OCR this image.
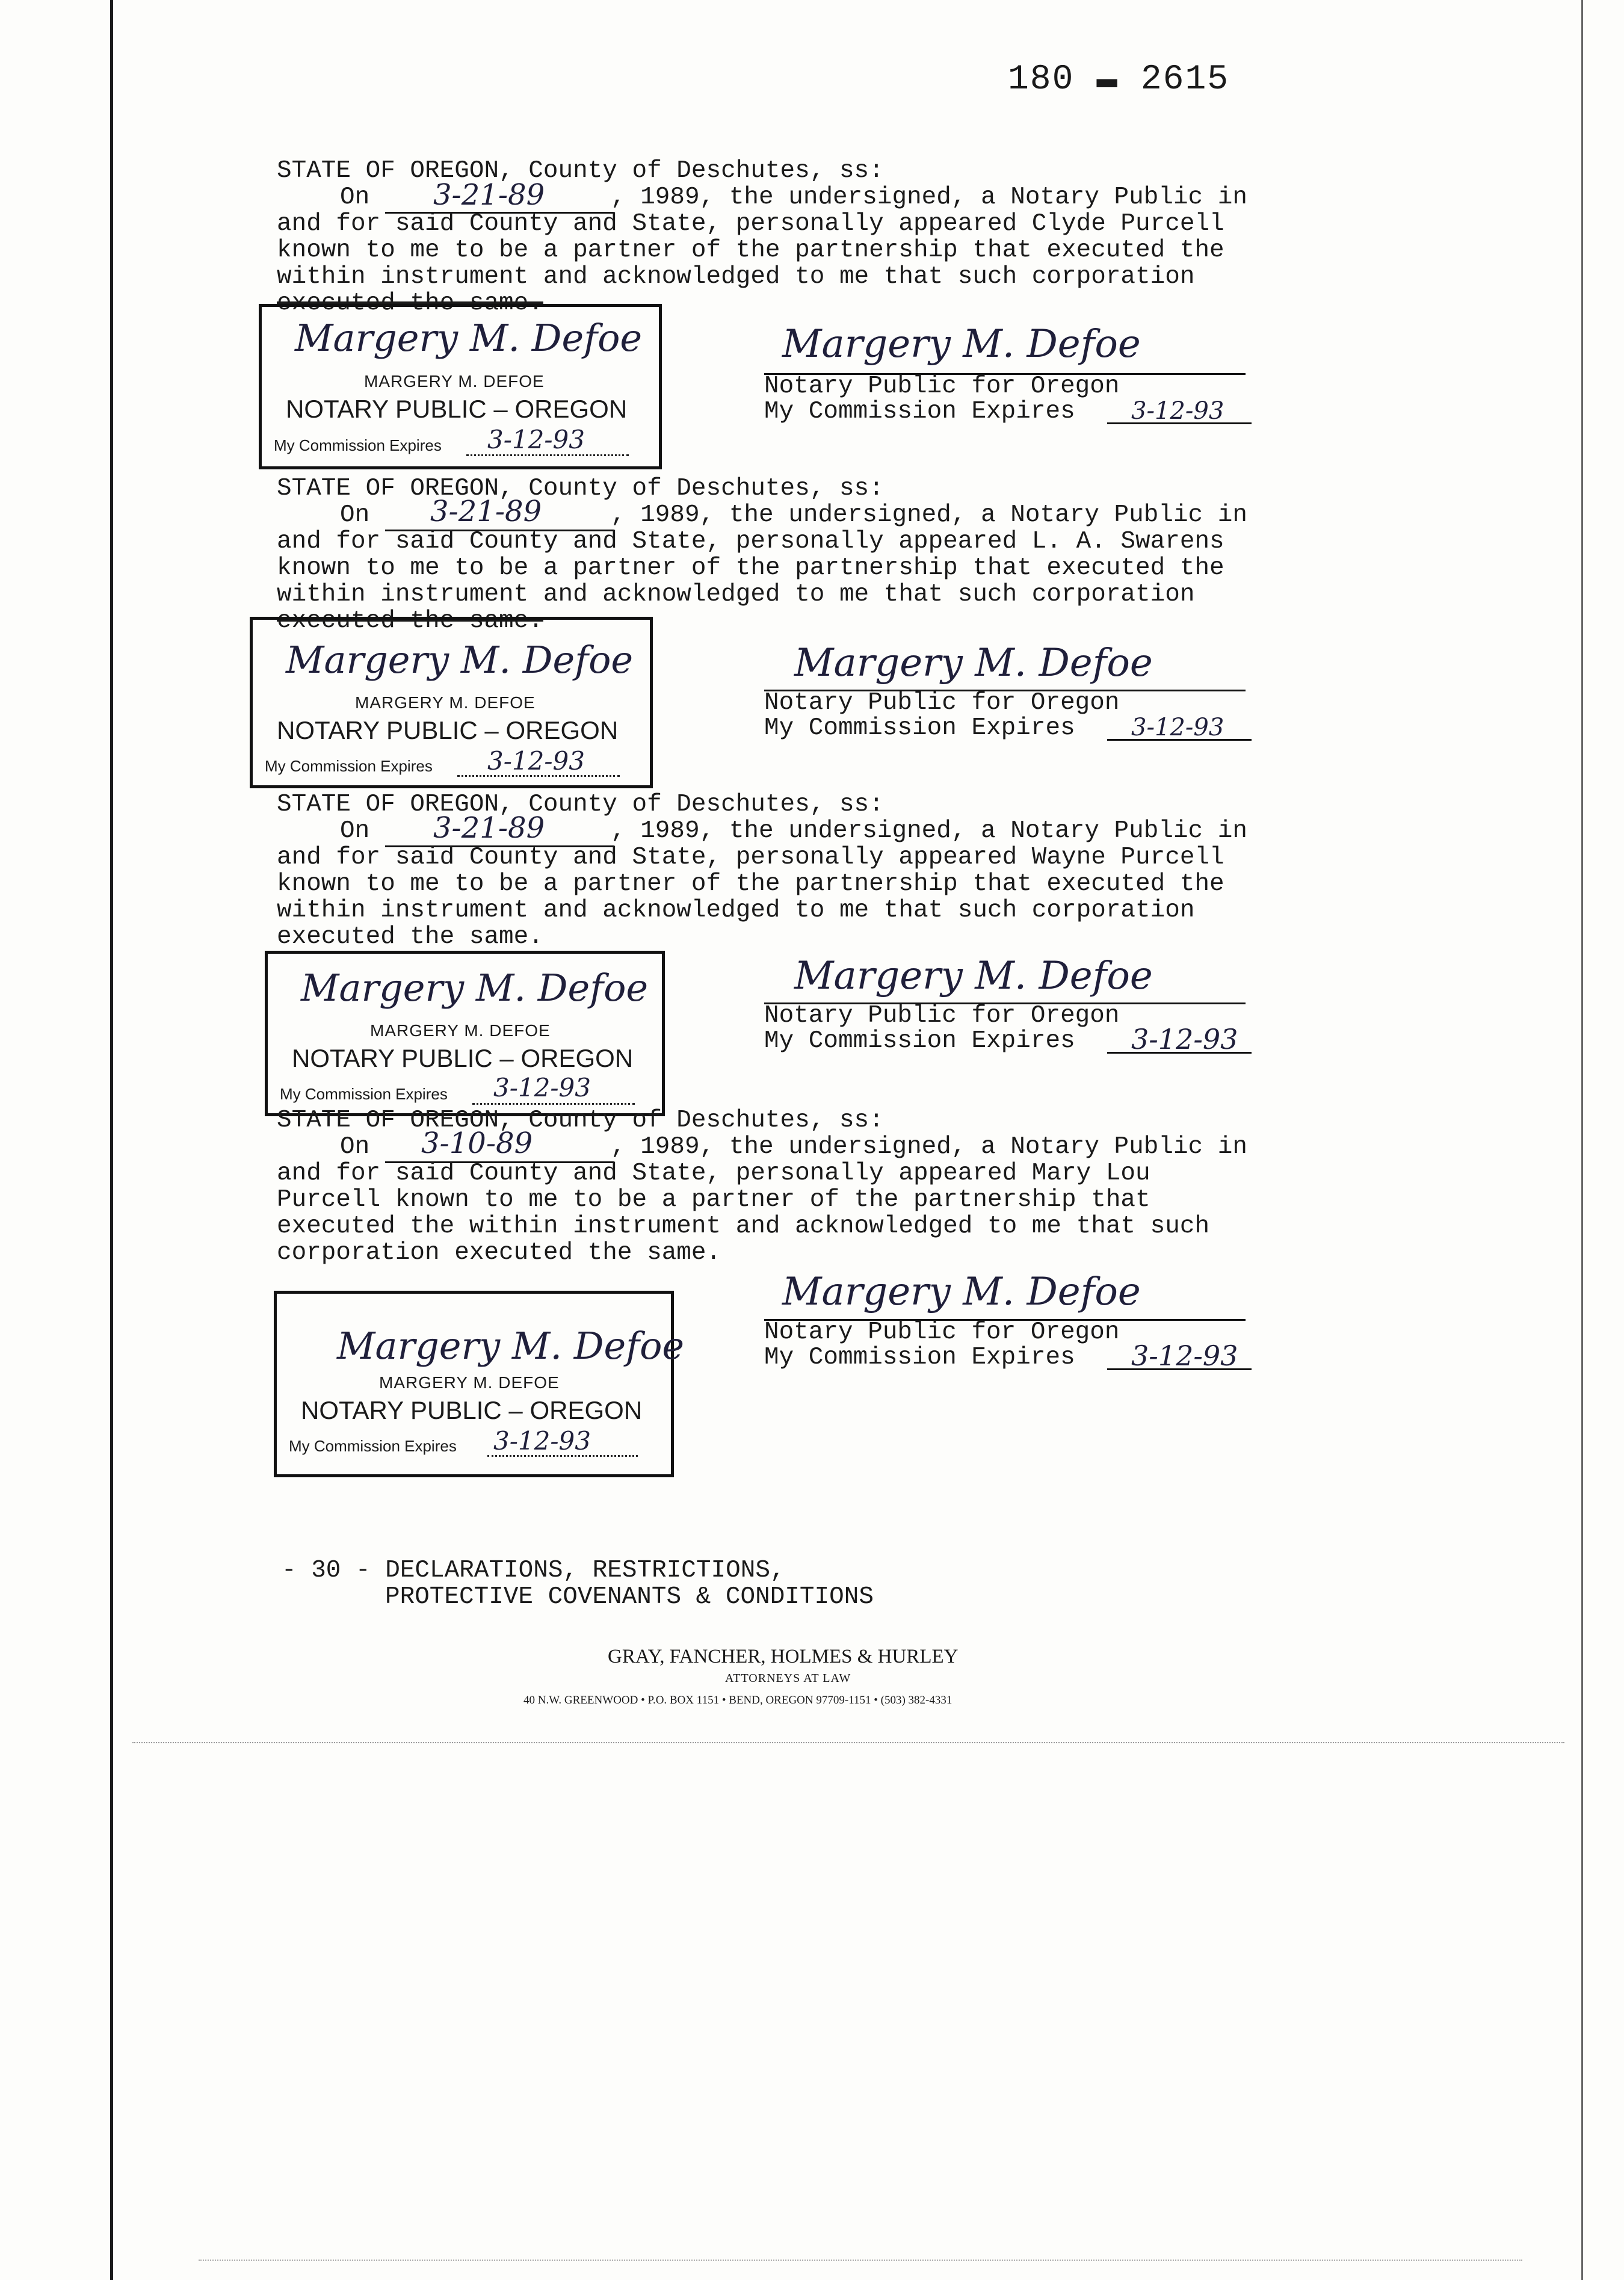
180 ▬ 2615
STATE OF OREGON, County of Deschutes, ss:
On 3-21-89	, 1989, the undersigned, a Notary Public in
and for said County and State, personally appeared Clyde Purcell
known to me to be a partner of the partnership that executed the
within instrument and acknowledged to me that such corporation
executed the same.
Margery M. Defoe
MARGERY M. DEFOE
NOTARY PUBLIC – OREGON
My Commission Expires 3-12-93
Margery M. Defoe
Notary Public for Oregon
My Commission Expires 3-12-93
STATE OF OREGON, County of Deschutes, ss:
On 3-21-89	, 1989, the undersigned, a Notary Public in
and for said County and State, personally appeared L. A. Swarens
known to me to be a partner of the partnership that executed the
within instrument and acknowledged to me that such corporation
executed the same.
Margery M. Defoe
MARGERY M. DEFOE
NOTARY PUBLIC – OREGON
My Commission Expires 3-12-93
Margery M. Defoe
Notary Public for Oregon
My Commission Expires 3-12-93
STATE OF OREGON, County of Deschutes, ss:
On 3-21-89	, 1989, the undersigned, a Notary Public in
and for said County and State, personally appeared Wayne Purcell
known to me to be a partner of the partnership that executed the
within instrument and acknowledged to me that such corporation
executed the same.
Margery M. Defoe
MARGERY M. DEFOE
NOTARY PUBLIC – OREGON
My Commission Expires 3-12-93
Margery M. Defoe
Notary Public for Oregon
My Commission Expires 3-12-93
STATE OF OREGON, County of Deschutes, ss:
On 3-10-89	, 1989, the undersigned, a Notary Public in
and for said County and State, personally appeared Mary Lou
Purcell known to me to be a partner of the partnership that
executed the within instrument and acknowledged to me that such
corporation executed the same.
Margery M. Defoe
MARGERY M. DEFOE
NOTARY PUBLIC – OREGON
My Commission Expires 3-12-93
Margery M. Defoe
Notary Public for Oregon
My Commission Expires 3-12-93
- 30 - DECLARATIONS, RESTRICTIONS,
PROTECTIVE COVENANTS & CONDITIONS
GRAY, FANCHER, HOLMES & HURLEY
ATTORNEYS AT LAW
40 N.W. GREENWOOD • P.O. BOX 1151 • BEND, OREGON 97709-1151 • (503) 382-4331
